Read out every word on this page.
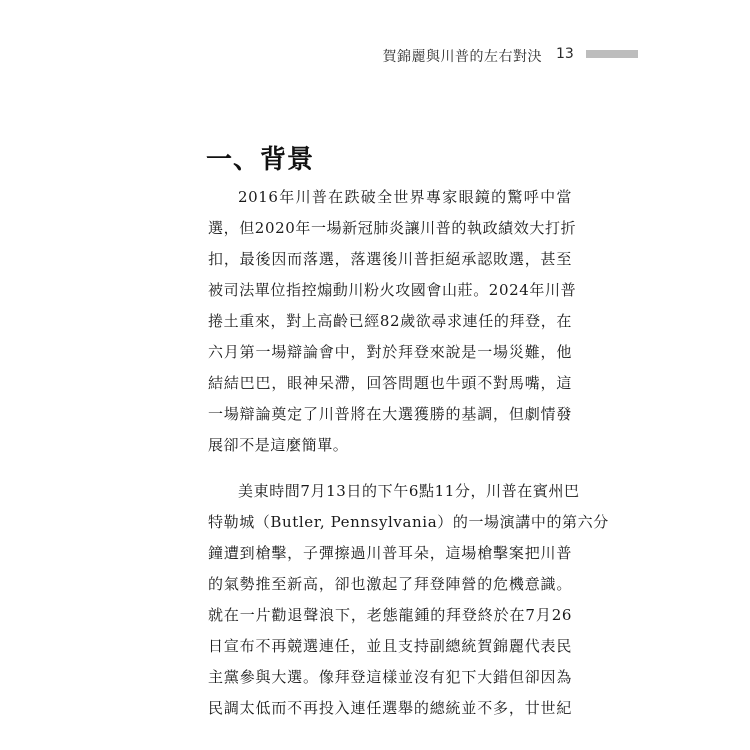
賀錦麗與川普的左右對決 13
一、背景
2016年川普在跌破全世界專家眼鏡的驚呼中當
選，但2020年一場新冠肺炎讓川普的執政績效大打折
扣，最後因而落選，落選後川普拒絕承認敗選，甚至
被司法單位指控煽動川粉火攻國會山莊。2024年川普
捲土重來，對上高齡已經82歲欲尋求連任的拜登，在
六月第一場辯論會中，對於拜登來說是一場災難，他
結結巴巴，眼神呆滯，回答問題也牛頭不對馬嘴，這
一場辯論奠定了川普將在大選獲勝的基調，但劇情發
展卻不是這麼簡單。
美東時間7月13日的下午6點11分，川普在賓州巴
特勒城（Butler, Pennsylvania）的一場演講中的第六分
鐘遭到槍擊，子彈擦過川普耳朵，這場槍擊案把川普
的氣勢推至新高，卻也激起了拜登陣營的危機意識。
就在一片勸退聲浪下，老態龍鍾的拜登終於在7月26
日宣布不再競選連任，並且支持副總統賀錦麗代表民
主黨參與大選。像拜登這樣並沒有犯下大錯但卻因為
民調太低而不再投入連任選舉的總統並不多，廿世紀
